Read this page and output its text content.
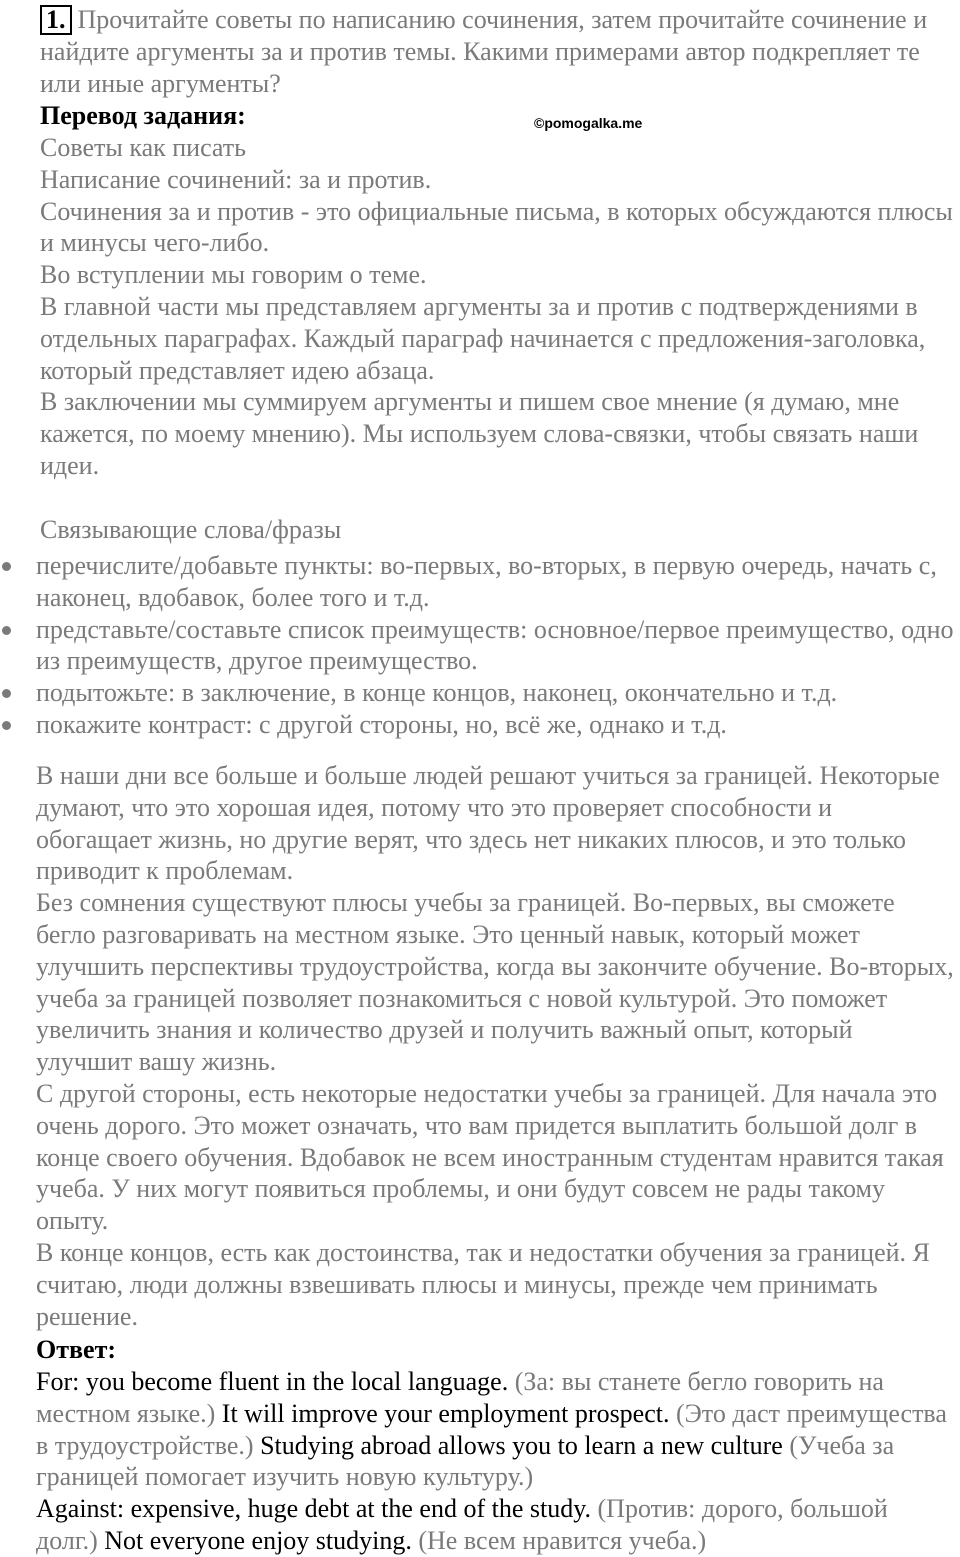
1. Прочитайте советы по написанию сочинения, затем прочитайте сочинение и найдите аргументы за и против темы. Какими примерами автор подкрепляет те или иные аргументы?

Перевод задания:	©pomogalka.me

Советы как писать

Написание сочинений: за и против.

Сочинения за и против - это официальные письма, в которых обсуждаются плюсы и минусы чего-либо.

Во вступлении мы говорим о теме.

В главной части мы представляем аргументы за и против с подтверждениями в отдельных параграфах. Каждый параграф начинается с предложения-заголовка, который представляет идею абзаца.

В заключении мы суммируем аргументы и пишем свое мнение (я думаю, мне кажется, по моему мнению). Мы используем слова-связки, чтобы связать наши идеи.

Связывающие слова/фразы

перечислите/добавьте пункты: во-первых, во-вторых, в первую очередь, начать с, наконец, вдобавок, более того и т.д.
представьте/составьте список преимуществ: основное/первое преимущество, одно из преимуществ, другое преимущество.
подытожьте: в заключение, в конце концов, наконец, окончательно и т.д.
покажите контраст: с другой стороны, но, всё же, однако и т.д.

В наши дни все больше и больше людей решают учиться за границей. Некоторые думают, что это хорошая идея, потому что это проверяет способности и обогащает жизнь, но другие верят, что здесь нет никаких плюсов, и это только приводит к проблемам.

Без сомнения существуют плюсы учебы за границей. Во-первых, вы сможете бегло разговаривать на местном языке. Это ценный навык, который может улучшить перспективы трудоустройства, когда вы закончите обучение. Во-вторых, учеба за границей позволяет познакомиться с новой культурой. Это поможет увеличить знания и количество друзей и получить важный опыт, который улучшит вашу жизнь.

С другой стороны, есть некоторые недостатки учебы за границей. Для начала это очень дорого. Это может означать, что вам придется выплатить большой долг в конце своего обучения. Вдобавок не всем иностранным студентам нравится такая учеба. У них могут появиться проблемы, и они будут совсем не рады такому опыту.

В конце концов, есть как достоинства, так и недостатки обучения за границей. Я считаю, люди должны взвешивать плюсы и минусы, прежде чем принимать решение.

Ответ:

For: you become fluent in the local language. (За: вы станете бегло говорить на местном языке.) It will improve your employment prospect. (Это даст преимущества в трудоустройстве.) Studying abroad allows you to learn a new culture (Учеба за границей помогает изучить новую культуру.)

Against: expensive, huge debt at the end of the study. (Против: дорого, большой долг.) Not everyone enjoy studying. (Не всем нравится учеба.)
